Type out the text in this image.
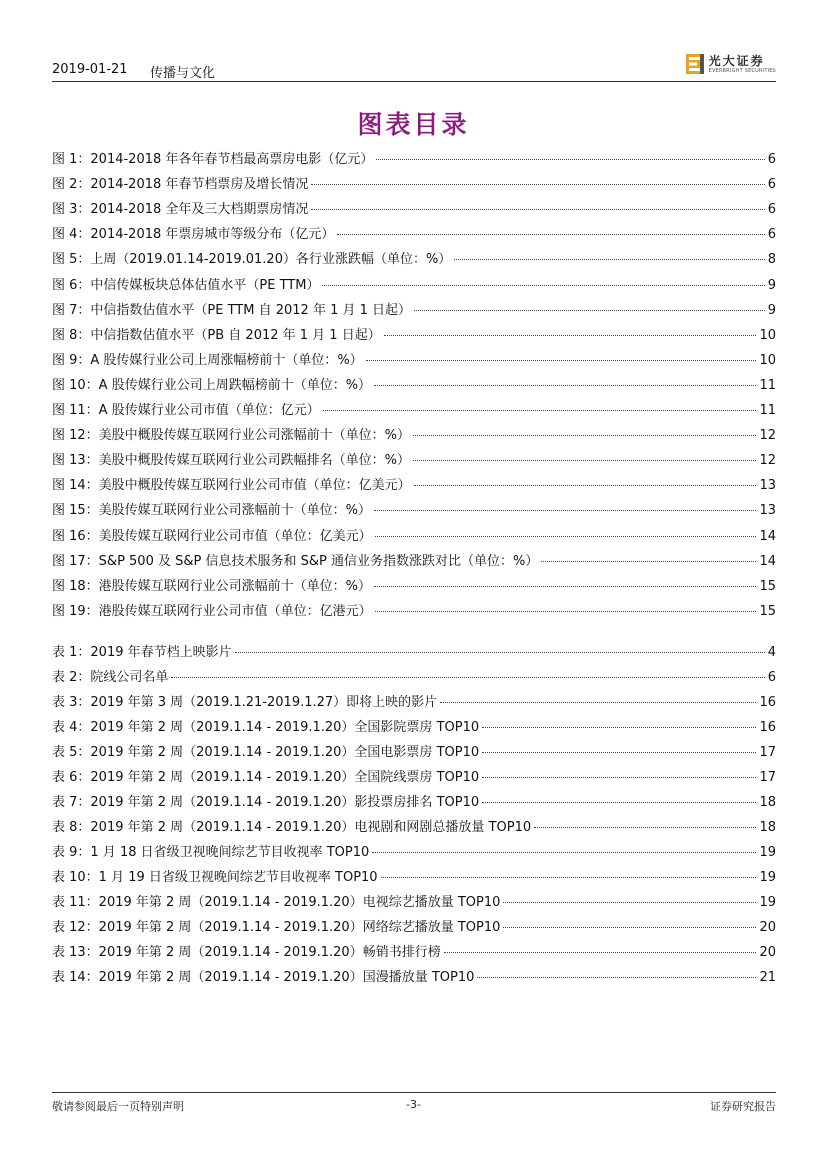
2019-01-21 传播与文化
光大证券
EVERBRIGHT SECURITIES
图表目录
图 1：2014-2018 年各年春节档最高票房电影（亿元）	6
图 2：2014-2018 年春节档票房及增长情况	6
图 3：2014-2018 全年及三大档期票房情况	6
图 4：2014-2018 年票房城市等级分布（亿元）	6
图 5：上周（2019.01.14-2019.01.20）各行业涨跌幅（单位：%）	8
图 6：中信传媒板块总体估值水平（PE TTM）	9
图 7：中信指数估值水平（PE TTM 自 2012 年 1 月 1 日起）	9
图 8：中信指数估值水平（PB 自 2012 年 1 月 1 日起）	10
图 9：A 股传媒行业公司上周涨幅榜前十（单位：%）	10
图 10：A 股传媒行业公司上周跌幅榜前十（单位：%）	11
图 11：A 股传媒行业公司市值（单位：亿元）	11
图 12：美股中概股传媒互联网行业公司涨幅前十（单位：%）	12
图 13：美股中概股传媒互联网行业公司跌幅排名（单位：%）	12
图 14：美股中概股传媒互联网行业公司市值（单位：亿美元）	13
图 15：美股传媒互联网行业公司涨幅前十（单位：%）	13
图 16：美股传媒互联网行业公司市值（单位：亿美元）	14
图 17：S&P 500 及 S&P 信息技术服务和 S&P 通信业务指数涨跌对比（单位：%）	14
图 18：港股传媒互联网行业公司涨幅前十（单位：%）	15
图 19：港股传媒互联网行业公司市值（单位：亿港元）	15
表 1：2019 年春节档上映影片	4
表 2：院线公司名单	6
表 3：2019 年第 3 周（2019.1.21-2019.1.27）即将上映的影片	16
表 4：2019 年第 2 周（2019.1.14 - 2019.1.20）全国影院票房 TOP10	16
表 5：2019 年第 2 周（2019.1.14 - 2019.1.20）全国电影票房 TOP10	17
表 6：2019 年第 2 周（2019.1.14 - 2019.1.20）全国院线票房 TOP10	17
表 7：2019 年第 2 周（2019.1.14 - 2019.1.20）影投票房排名 TOP10	18
表 8：2019 年第 2 周（2019.1.14 - 2019.1.20）电视剧和网剧总播放量 TOP10	18
表 9：1 月 18 日省级卫视晚间综艺节目收视率 TOP10	19
表 10：1 月 19 日省级卫视晚间综艺节目收视率 TOP10	19
表 11：2019 年第 2 周（2019.1.14 - 2019.1.20）电视综艺播放量 TOP10	19
表 12：2019 年第 2 周（2019.1.14 - 2019.1.20）网络综艺播放量 TOP10	20
表 13：2019 年第 2 周（2019.1.14 - 2019.1.20）畅销书排行榜	20
表 14：2019 年第 2 周（2019.1.14 - 2019.1.20）国漫播放量 TOP10	21
敬请参阅最后一页特别声明	-3-	证券研究报告
